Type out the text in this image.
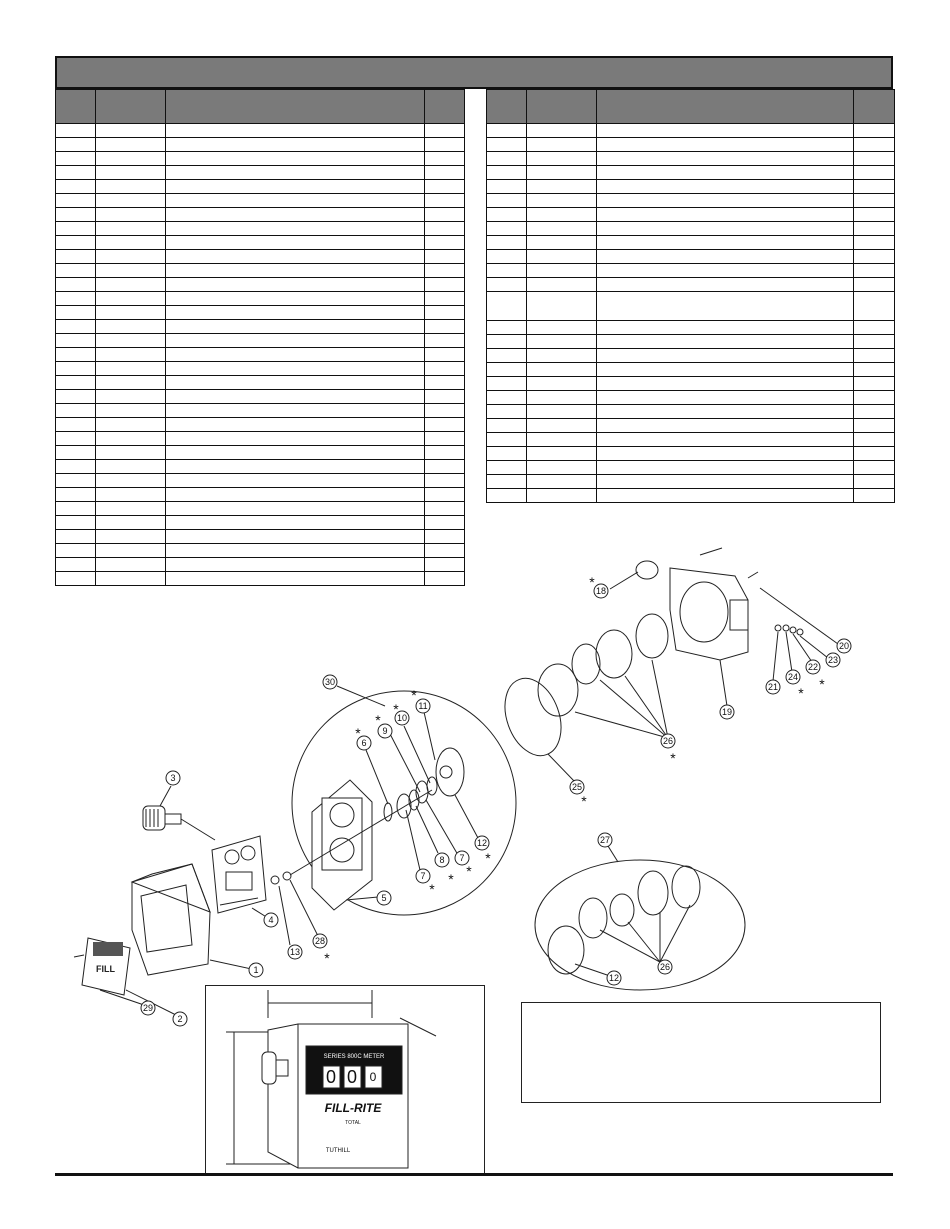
FILL	1
2
3
4
5
6
7
7
8
9
10
11
12
13
18
19
20
21
22
23
24
25
26
27
12
26
28
29
30
*
*
*
*
*
*
*
*
*
*
*
*
*
*
SERIES 800C METER
0 0 0
RESET TO ZERO
FILL-RITE
TOTAL
TUTHILL
